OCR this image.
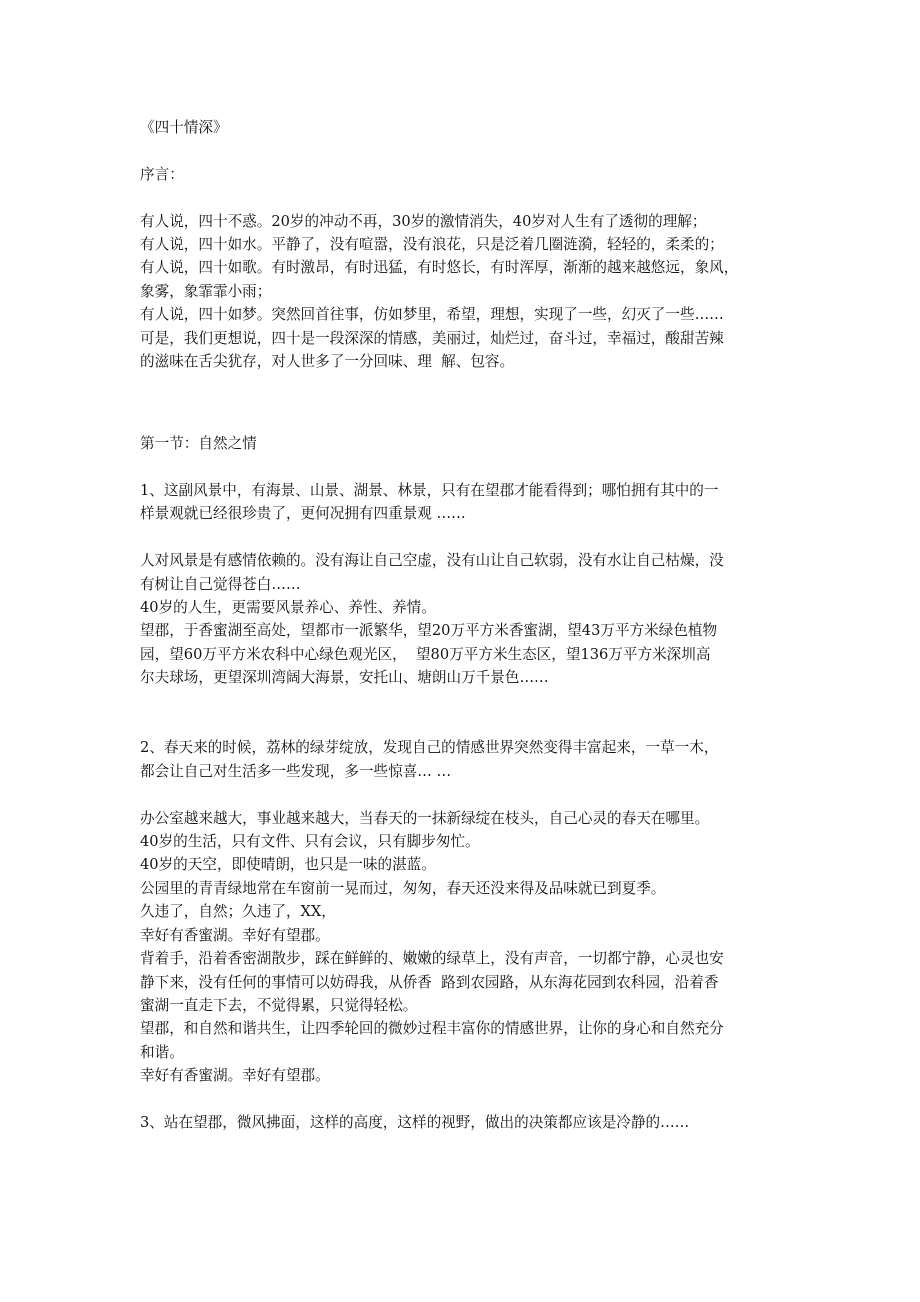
《四十情深》
序言：
有人说，四十不惑。20岁的冲动不再，30岁的激情消失，40岁对人生有了透彻的理解；
有人说，四十如水。平静了，没有喧嚣，没有浪花，只是泛着几圈涟漪，轻轻的，柔柔的；
有人说，四十如歌。有时激昂，有时迅猛，有时悠长，有时浑厚，渐渐的越来越悠远，象风，
象雾，象霏霏小雨；
有人说，四十如梦。突然回首往事，仿如梦里，希望，理想，实现了一些，幻灭了一些……
可是，我们更想说，四十是一段深深的情感，美丽过，灿烂过，奋斗过，幸福过，酸甜苦辣
的滋味在舌尖犹存，对人世多了一分回味、理  解、包容。
第一节：自然之情
1、这副风景中，有海景、山景、湖景、林景，只有在望郡才能看得到；哪怕拥有其中的一
样景观就已经很珍贵了，更何况拥有四重景观 ……
人对风景是有感情依赖的。没有海让自己空虚，没有山让自己软弱，没有水让自己枯燥，没
有树让自己觉得苍白……
40岁的人生，更需要风景养心、养性、养情。
望郡，于香蜜湖至高处，望都市一派繁华，望20万平方米香蜜湖，望43万平方米绿色植物
园，望60万平方米农科中心绿色观光区，  望80万平方米生态区，望136万平方米深圳高
尔夫球场，更望深圳湾阔大海景，安托山、塘朗山万千景色……
2、春天来的时候，荔林的绿芽绽放，发现自己的情感世界突然变得丰富起来，一草一木，
都会让自己对生活多一些发现，多一些惊喜… …
办公室越来越大，事业越来越大，当春天的一抹新绿绽在枝头，自己心灵的春天在哪里。
40岁的生活，只有文件、只有会议，只有脚步匆忙。
40岁的天空，即使晴朗，也只是一味的湛蓝。
公园里的青青绿地常在车窗前一晃而过，匆匆，春天还没来得及品味就已到夏季。
久违了，自然；久违了，XX，
幸好有香蜜湖。幸好有望郡。
背着手，沿着香密湖散步，踩在鲜鲜的、嫩嫩的绿草上，没有声音，一切都宁静，心灵也安
静下来，没有任何的事情可以妨碍我，从侨香  路到农园路，从东海花园到农科园，沿着香
蜜湖一直走下去，不觉得累，只觉得轻松。
望郡，和自然和谐共生，让四季轮回的微妙过程丰富你的情感世界，让你的身心和自然充分
和谐。
幸好有香蜜湖。幸好有望郡。
3、站在望郡，微风拂面，这样的高度，这样的视野，做出的决策都应该是冷静的……
